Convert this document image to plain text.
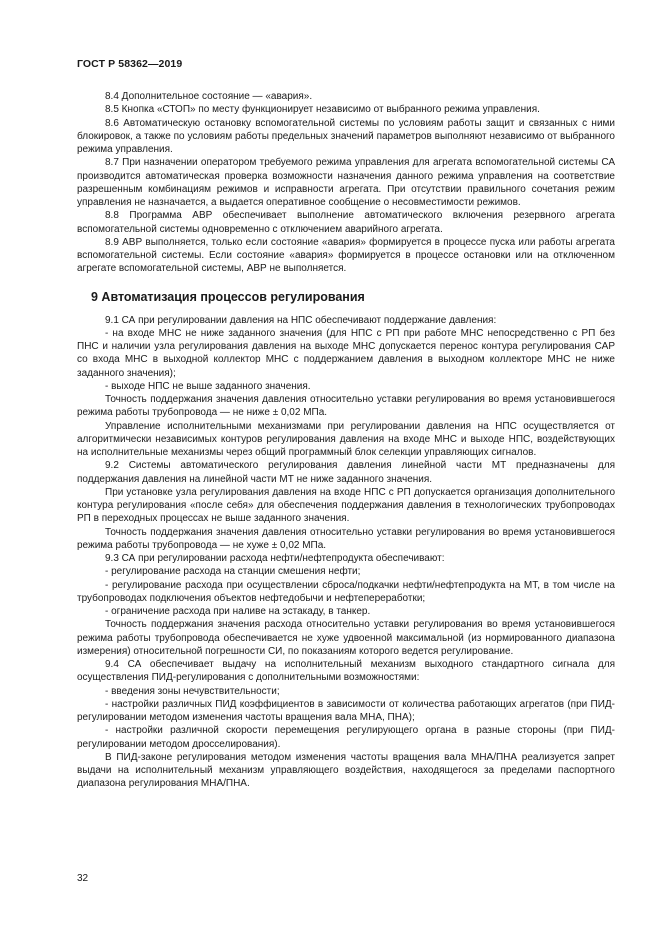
ГОСТ Р 58362—2019

8.4 Дополнительное состояние — «авария».

8.5 Кнопка «СТОП» по месту функционирует независимо от выбранного режима управления.

8.6 Автоматическую остановку вспомогательной системы по условиям работы защит и связанных с ними блокировок, а также по условиям работы предельных значений параметров выполняют независимо от выбранного режима управления.

8.7 При назначении оператором требуемого режима управления для агрегата вспомогательной системы СА производится автоматическая проверка возможности назначения данного режима управления на соответствие разрешенным комбинациям режимов и исправности агрегата. При отсутствии правильного сочетания режим управления не назначается, а выдается оперативное сообщение о несовместимости режимов.

8.8 Программа АВР обеспечивает выполнение автоматического включения резервного агрегата вспомогательной системы одновременно с отключением аварийного агрегата.

8.9 АВР выполняется, только если состояние «авария» формируется в процессе пуска или работы агрегата вспомогательной системы. Если состояние «авария» формируется в процессе остановки или на отключенном агрегате вспомогательной системы, АВР не выполняется.

9 Автоматизация процессов регулирования

9.1 СА при регулировании давления на НПС обеспечивают поддержание давления:

- на входе МНС не ниже заданного значения (для НПС с РП при работе МНС непосредственно с РП без ПНС и наличии узла регулирования давления на выходе МНС допускается перенос контура регулирования САР со входа МНС в выходной коллектор МНС с поддержанием давления в выходном коллекторе МНС не ниже заданного значения);

- выходе НПС не выше заданного значения.

Точность поддержания значения давления относительно уставки регулирования во время установившегося режима работы трубопровода — не ниже ± 0,02 МПа.

Управление исполнительными механизмами при регулировании давления на НПС осуществляется от алгоритмически независимых контуров регулирования давления на входе МНС и выходе НПС, воздействующих на исполнительные механизмы через общий программный блок селекции управляющих сигналов.

9.2 Системы автоматического регулирования давления линейной части МТ предназначены для поддержания давления на линейной части МТ не ниже заданного значения.

При установке узла регулирования давления на входе НПС с РП допускается организация дополнительного контура регулирования «после себя» для обеспечения поддержания давления в технологических трубопроводах РП в переходных процессах не выше заданного значения.

Точность поддержания значения давления относительно уставки регулирования во время установившегося режима работы трубопровода — не хуже ± 0,02 МПа.

9.3 СА при регулировании расхода нефти/нефтепродукта обеспечивают:

- регулирование расхода на станции смешения нефти;

- регулирование расхода при осуществлении сброса/подкачки нефти/нефтепродукта на МТ, в том числе на трубопроводах подключения объектов нефтедобычи и нефтепереработки;

- ограничение расхода при наливе на эстакаду, в танкер.

Точность поддержания значения расхода относительно уставки регулирования во время установившегося режима работы трубопровода обеспечивается не хуже удвоенной максимальной (из нормированного диапазона измерения) относительной погрешности СИ, по показаниям которого ведется регулирование.

9.4 СА обеспечивает выдачу на исполнительный механизм выходного стандартного сигнала для осуществления ПИД-регулирования с дополнительными возможностями:

- введения зоны нечувствительности;

- настройки различных ПИД коэффициентов в зависимости от количества работающих агрегатов (при ПИД-регулировании методом изменения частоты вращения вала МНА, ПНА);

- настройки различной скорости перемещения регулирующего органа в разные стороны (при ПИД-регулировании методом дросселирования).

В ПИД-законе регулирования методом изменения частоты вращения вала МНА/ПНА реализуется запрет выдачи на исполнительный механизм управляющего воздействия, находящегося за пределами паспортного диапазона регулирования МНА/ПНА.

32
